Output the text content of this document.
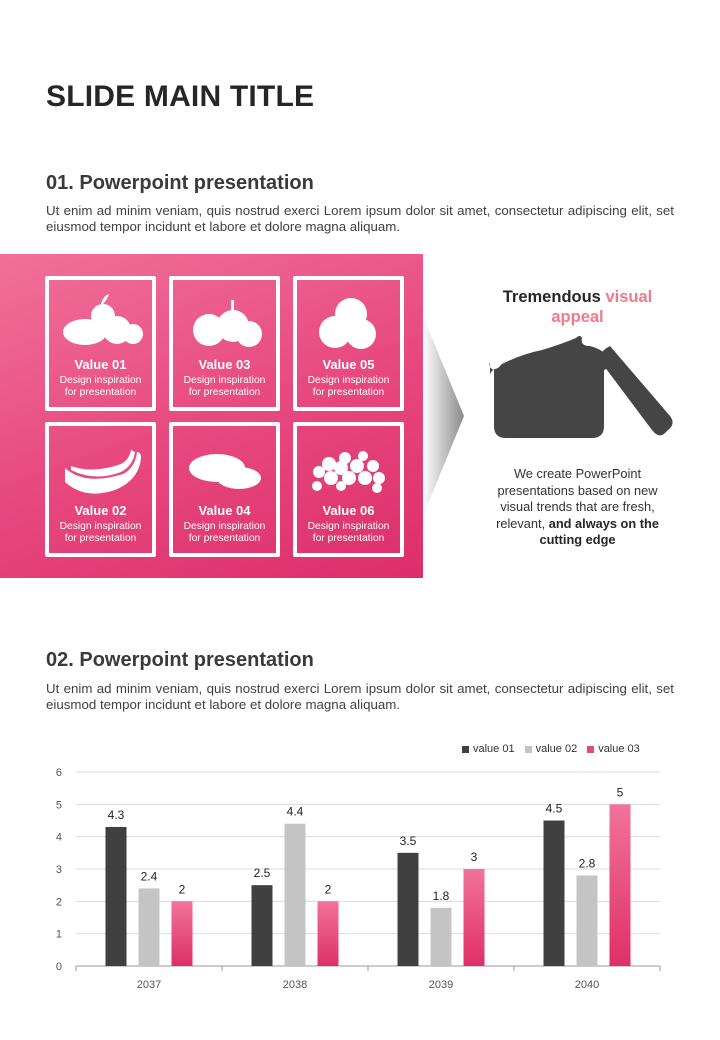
SLIDE MAIN TITLE
01. Powerpoint presentation
Ut enim ad minim veniam, quis nostrud exerci Lorem ipsum dolor sit amet, consectetur adipiscing elit, set eiusmod tempor incidunt et labore et dolore magna aliquam.
Value 01
Design inspiration
for presentation
Value 03
Design inspiration
for presentation
Value 05
Design inspiration
for presentation
Value 02
Design inspiration
for presentation
Value 04
Design inspiration
for presentation
Value 06
Design inspiration
for presentation
Tremendous visual
appeal
We create PowerPoint presentations based on new visual trends that are fresh, relevant, and always on the cutting edge
02. Powerpoint presentation
Ut enim ad minim veniam, quis nostrud exerci Lorem ipsum dolor sit amet, consectetur adipiscing elit, set eiusmod tempor incidunt et labore et dolore magna aliquam.
value 01 value 02 value 03
0
1
2
3
4
5
6
4.3
2.4
2
2037
2.5
4.4
2
2038
3.5
1.8
3
2039
4.5
2.8
5
2040
